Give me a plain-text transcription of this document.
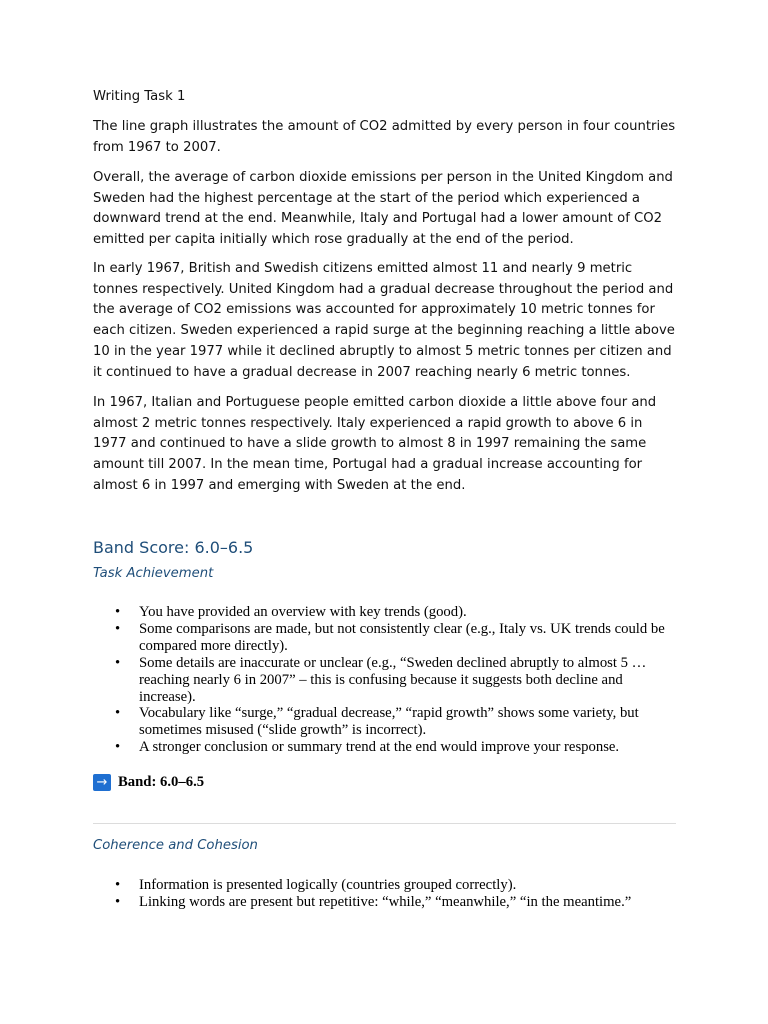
Writing Task 1

The line graph illustrates the amount of CO2 admitted by every person in four countries from 1967 to 2007.

Overall, the average of carbon dioxide emissions per person in the United Kingdom and Sweden had the highest percentage at the start of the period which experienced a downward trend at the end. Meanwhile, Italy and Portugal had a lower amount of CO2 emitted per capita initially which rose gradually at the end of the period.

In early 1967, British and Swedish citizens emitted almost 11 and nearly 9 metric tonnes respectively. United Kingdom had a gradual decrease throughout the period and the average of CO2 emissions was accounted for approximately 10 metric tonnes for each citizen. Sweden experienced a rapid surge at the beginning reaching a little above 10 in the year 1977 while it declined abruptly to almost 5 metric tonnes per citizen and it continued to have a gradual decrease in 2007 reaching nearly 6 metric tonnes.

In 1967, Italian and Portuguese people emitted carbon dioxide a little above four and almost 2 metric tonnes respectively. Italy experienced a rapid growth to above 6 in 1977 and continued to have a slide growth to almost 8 in 1997 remaining the same amount till 2007. In the mean time, Portugal had a gradual increase accounting for almost 6 in 1997 and emerging with Sweden at the end.

Band Score: 6.0–6.5
Task Achievement
• You have provided an overview with key trends (good).
• Some comparisons are made, but not consistently clear (e.g., Italy vs. UK trends could be compared more directly).
• Some details are inaccurate or unclear (e.g., “Sweden declined abruptly to almost 5 … reaching nearly 6 in 2007” – this is confusing because it suggests both decline and increase).
• Vocabulary like “surge,” “gradual decrease,” “rapid growth” shows some variety, but sometimes misused (“slide growth” is incorrect).
• A stronger conclusion or summary trend at the end would improve your response.
→ Band: 6.0–6.5
Coherence and Cohesion
• Information is presented logically (countries grouped correctly).
• Linking words are present but repetitive: “while,” “meanwhile,” “in the meantime.”
